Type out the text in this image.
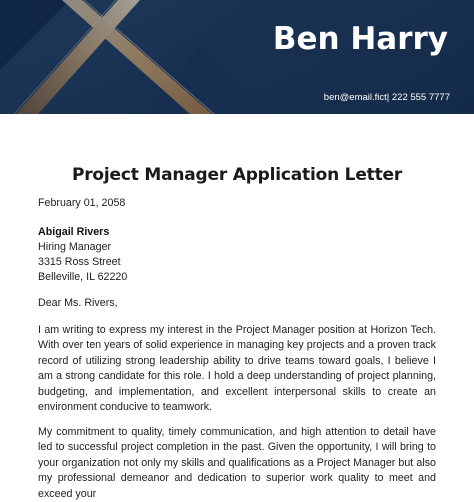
Ben Harry
ben@email.fict| 222 555 7777
Project Manager Application Letter
February 01, 2058
Abigail Rivers
Hiring Manager
3315 Ross Street
Belleville, IL 62220
Dear Ms. Rivers,
I am writing to express my interest in the Project Manager position at Horizon Tech. With over ten years of solid experience in managing key projects and a proven track record of utilizing strong leadership ability to drive teams toward goals, I believe I am a strong candidate for this role. I hold a deep understanding of project planning, budgeting, and implementation, and excellent interpersonal skills to create an environment conducive to teamwork.
My commitment to quality, timely communication, and high attention to detail have led to successful project completion in the past. Given the opportunity, I will bring to your organization not only my skills and qualifications as a Project Manager but also my professional demeanor and dedication to superior work quality to meet and exceed your
